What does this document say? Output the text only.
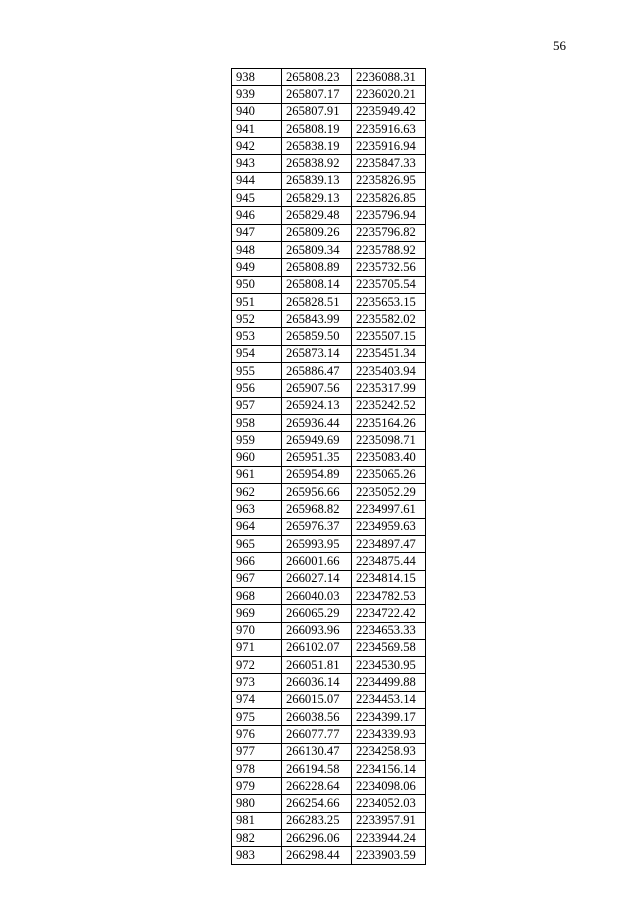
56
938	265808.23	2236088.31
939	265807.17	2236020.21
940	265807.91	2235949.42
941	265808.19	2235916.63
942	265838.19	2235916.94
943	265838.92	2235847.33
944	265839.13	2235826.95
945	265829.13	2235826.85
946	265829.48	2235796.94
947	265809.26	2235796.82
948	265809.34	2235788.92
949	265808.89	2235732.56
950	265808.14	2235705.54
951	265828.51	2235653.15
952	265843.99	2235582.02
953	265859.50	2235507.15
954	265873.14	2235451.34
955	265886.47	2235403.94
956	265907.56	2235317.99
957	265924.13	2235242.52
958	265936.44	2235164.26
959	265949.69	2235098.71
960	265951.35	2235083.40
961	265954.89	2235065.26
962	265956.66	2235052.29
963	265968.82	2234997.61
964	265976.37	2234959.63
965	265993.95	2234897.47
966	266001.66	2234875.44
967	266027.14	2234814.15
968	266040.03	2234782.53
969	266065.29	2234722.42
970	266093.96	2234653.33
971	266102.07	2234569.58
972	266051.81	2234530.95
973	266036.14	2234499.88
974	266015.07	2234453.14
975	266038.56	2234399.17
976	266077.77	2234339.93
977	266130.47	2234258.93
978	266194.58	2234156.14
979	266228.64	2234098.06
980	266254.66	2234052.03
981	266283.25	2233957.91
982	266296.06	2233944.24
983	266298.44	2233903.59
